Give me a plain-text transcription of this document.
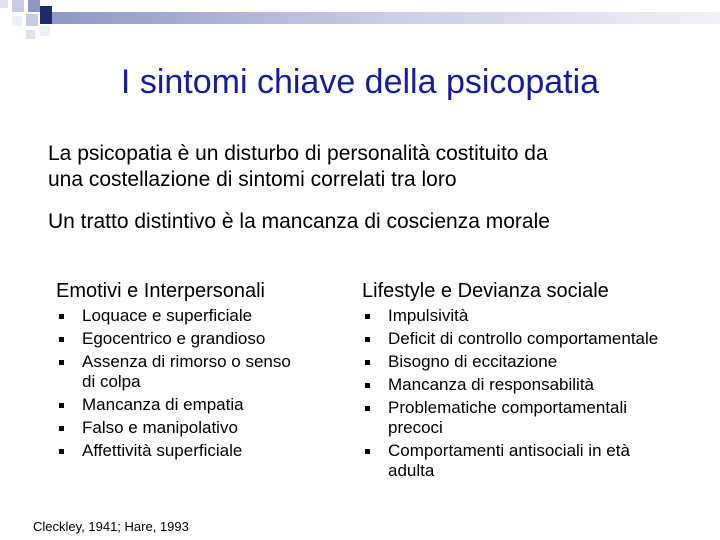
I sintomi chiave della psicopatia
La psicopatia è un disturbo di personalità costituito da
una costellazione di sintomi correlati tra loro
Un tratto distintivo è la mancanza di coscienza morale
Emotivi e Interpersonali
Loquace e superficiale
Egocentrico e grandioso
Assenza di rimorso o senso di colpa
Mancanza di empatia
Falso e manipolativo
Affettività superficiale
Lifestyle e Devianza sociale
Impulsività
Deficit di controllo comportamentale
Bisogno di eccitazione
Mancanza di responsabilità
Problematiche comportamentali precoci
Comportamenti antisociali in età adulta
Cleckley, 1941; Hare, 1993
